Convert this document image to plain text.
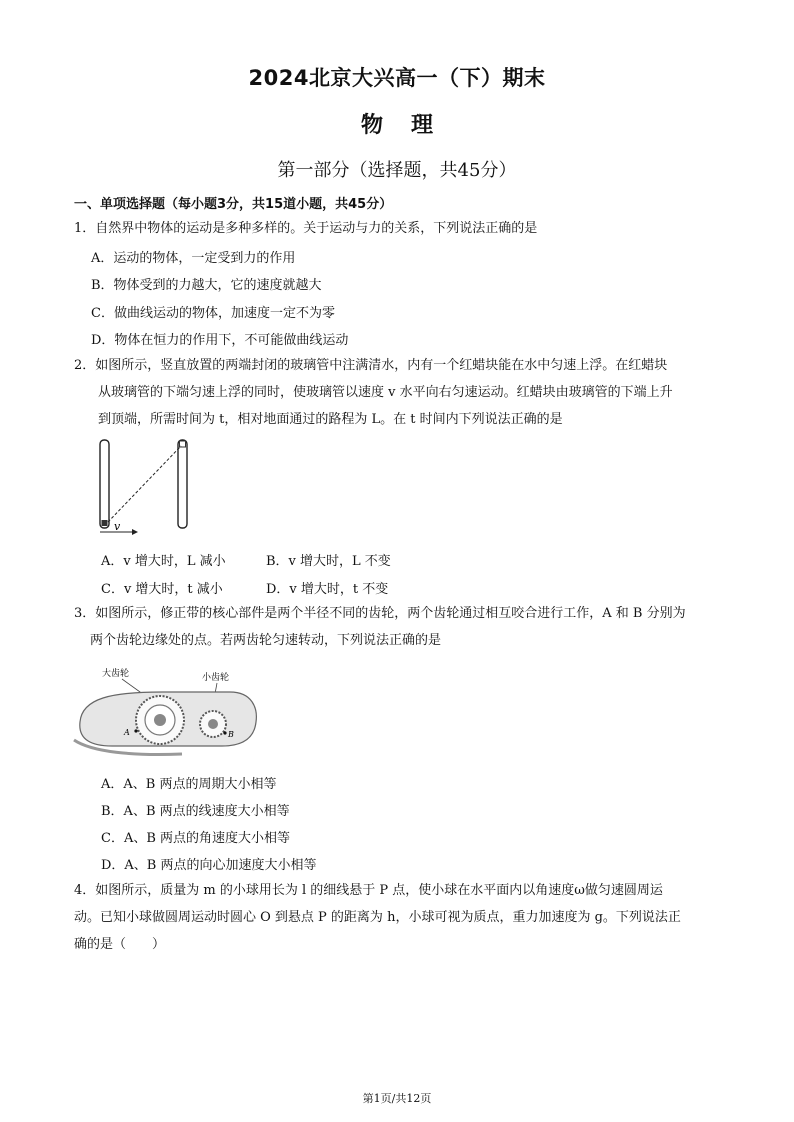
2024北京大兴高一（下）期末
物理
第一部分（选择题，共45分）
一、单项选择题（每小题3分，共15道小题，共45分）
1．自然界中物体的运动是多种多样的。关于运动与力的关系，下列说法正确的是
A．运动的物体，一定受到力的作用
B．物体受到的力越大，它的速度就越大
C．做曲线运动的物体，加速度一定不为零
D．物体在恒力的作用下，不可能做曲线运动
2．如图所示，竖直放置的两端封闭的玻璃管中注满清水，内有一个红蜡块能在水中匀速上浮。在红蜡块
从玻璃管的下端匀速上浮的同时，使玻璃管以速度 v 水平向右匀速运动。红蜡块由玻璃管的下端上升
到顶端，所需时间为 t，相对地面通过的路程为 L。在 t 时间内下列说法正确的是
v
A．v 增大时，L 减小	B．v 增大时，L 不变
C．v 增大时，t 减小	D．v 增大时，t 不变
3．如图所示，修正带的核心部件是两个半径不同的齿轮，两个齿轮通过相互咬合进行工作，A 和 B 分别为
两个齿轮边缘处的点。若两齿轮匀速转动，下列说法正确的是
大齿轮	小齿轮
A	B
A．A、B 两点的周期大小相等
B．A、B 两点的线速度大小相等
C．A、B 两点的角速度大小相等
D．A、B 两点的向心加速度大小相等
4．如图所示，质量为 m 的小球用长为 l 的细线悬于 P 点，使小球在水平面内以角速度ω做匀速圆周运
动。已知小球做圆周运动时圆心 O 到悬点 P 的距离为 h，小球可视为质点，重力加速度为 g。下列说法正
确的是（　　）
第1页/共12页
